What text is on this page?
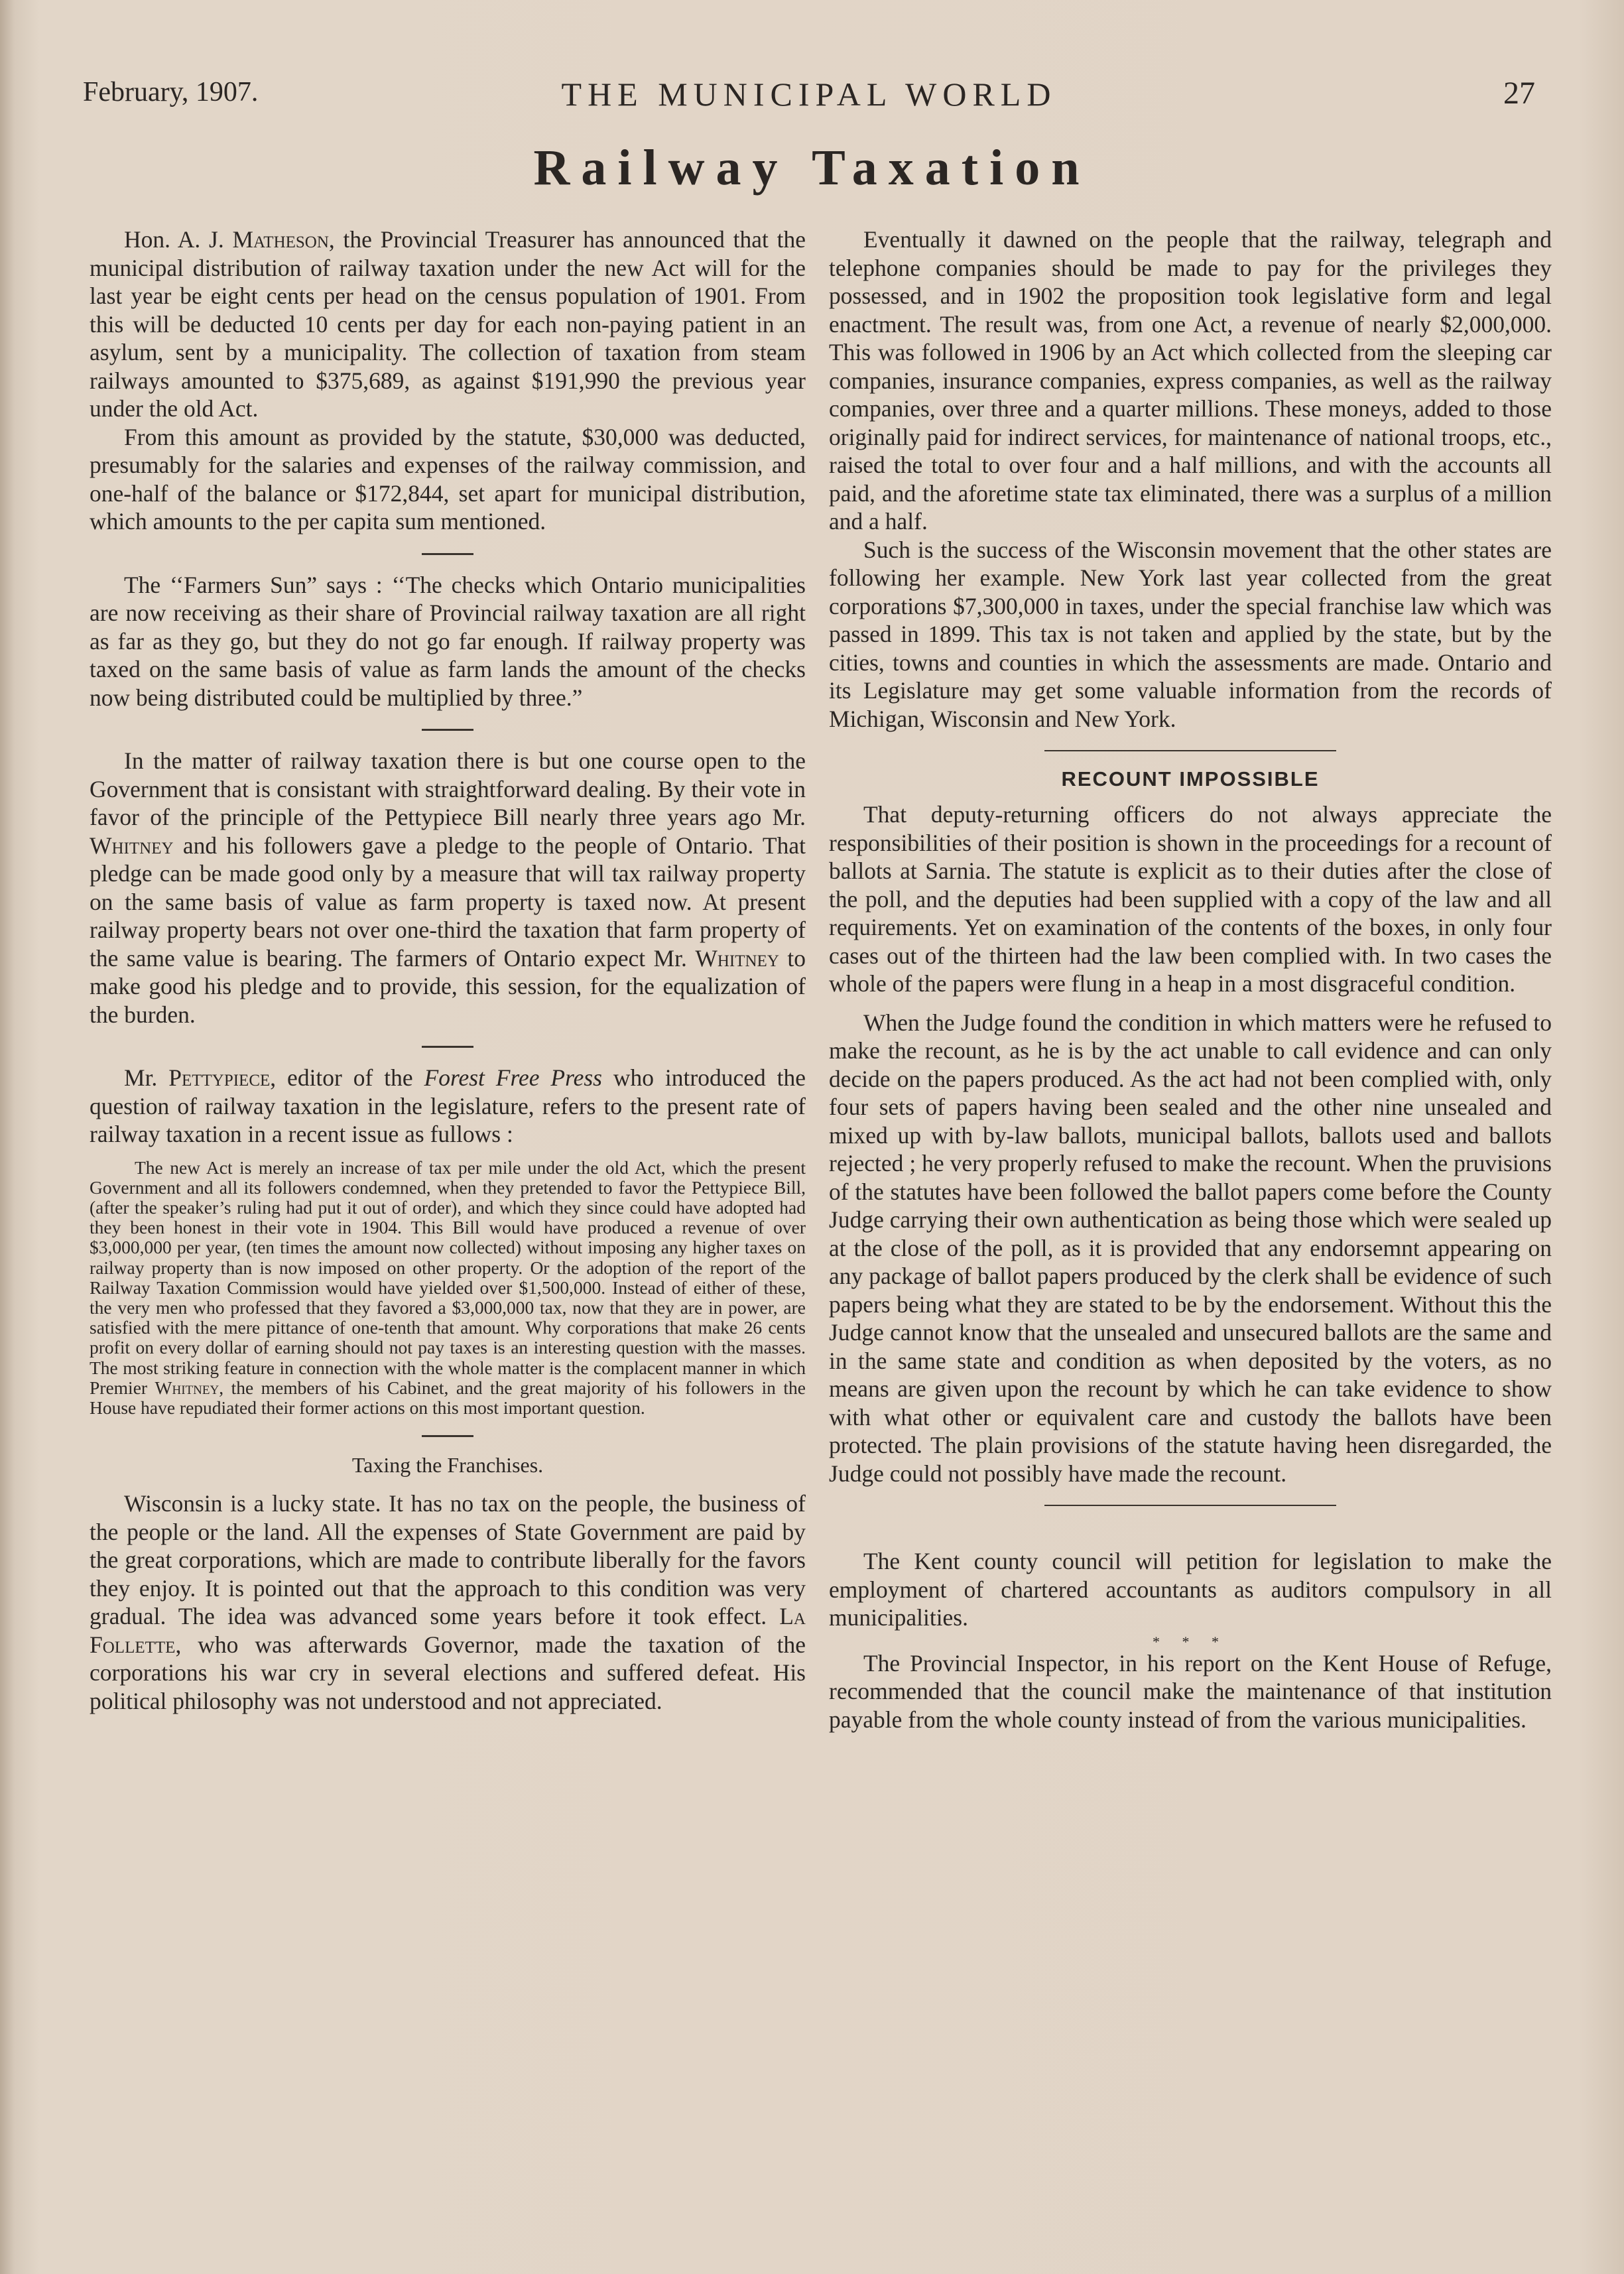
February, 1907.	THE MUNICIPAL WORLD	27
Railway Taxation

Hon. A. J. Matheson, the Provincial Treasurer has announced that the municipal distribution of railway taxation under the new Act will for the last year be eight cents per head on the census population of 1901. From this will be deducted 10 cents per day for each non-paying patient in an asylum, sent by a municipality. The collection of taxation from steam railways amounted to $375,689, as against $191,990 the previous year under the old Act.

From this amount as provided by the statute, $30,000 was deducted, presumably for the salaries and expenses of the railway commission, and one-half of the balance or $172,844, set apart for municipal distribution, which amounts to the per capita sum mentioned.

The ‘‘Farmers Sun” says : ‘‘The checks which Ontario municipalities are now receiving as their share of Provincial railway taxation are all right as far as they go, but they do not go far enough. If railway property was taxed on the same basis of value as farm lands the amount of the checks now being distributed could be multiplied by three.”

In the matter of railway taxation there is but one course open to the Government that is consistant with straightforward dealing. By their vote in favor of the principle of the Pettypiece Bill nearly three years ago Mr. Whitney and his followers gave a pledge to the people of Ontario. That pledge can be made good only by a measure that will tax railway property on the same basis of value as farm property is taxed now. At present railway property bears not over one-third the taxation that farm property of the same value is bearing. The farmers of Ontario expect Mr. Whitney to make good his pledge and to provide, this session, for the equalization of the burden.

Mr. Pettypiece, editor of the Forest Free Press who introduced the question of railway taxation in the legislature, refers to the present rate of railway taxation in a recent issue as fullows :

The new Act is merely an increase of tax per mile under the old Act, which the present Government and all its followers condemned, when they pretended to favor the Pettypiece Bill, (after the speaker’s ruling had put it out of order), and which they since could have adopted had they been honest in their vote in 1904. This Bill would have produced a revenue of over $3,000,000 per year, (ten times the amount now collected) without imposing any higher taxes on railway property than is now imposed on other property. Or the adoption of the report of the Railway Taxation Commission would have yielded over $1,500,000. Instead of either of these, the very men who professed that they favored a $3,000,000 tax, now that they are in power, are satisfied with the mere pittance of one-tenth that amount. Why corporations that make 26 cents profit on every dollar of earning should not pay taxes is an interesting question with the masses. The most striking feature in connection with the whole matter is the complacent manner in which Premier Whitney, the members of his Cabinet, and the great majority of his followers in the House have repudiated their former actions on this most important question.

Taxing the Franchises.

Wisconsin is a lucky state. It has no tax on the people, the business of the people or the land. All the expenses of State Government are paid by the great corporations, which are made to contribute liberally for the favors they enjoy. It is pointed out that the approach to this condition was very gradual. The idea was advanced some years before it took effect. La Follette, who was afterwards Governor, made the taxation of the corporations his war cry in several elections and suffered defeat. His political philosophy was not understood and not appreciated.

Eventually it dawned on the people that the railway, telegraph and telephone companies should be made to pay for the privileges they possessed, and in 1902 the proposition took legislative form and legal enactment. The result was, from one Act, a revenue of nearly $2,000,000. This was followed in 1906 by an Act which collected from the sleeping car companies, insurance companies, express companies, as well as the railway companies, over three and a quarter millions. These moneys, added to those originally paid for indirect services, for maintenance of national troops, etc., raised the total to over four and a half millions, and with the accounts all paid, and the aforetime state tax eliminated, there was a surplus of a million and a half.

Such is the success of the Wisconsin movement that the other states are following her example. New York last year collected from the great corporations $7,300,000 in taxes, under the special franchise law which was passed in 1899. This tax is not taken and applied by the state, but by the cities, towns and counties in which the assessments are made. Ontario and its Legislature may get some valuable information from the records of Michigan, Wisconsin and New York.

RECOUNT IMPOSSIBLE

That deputy-returning officers do not always appreciate the responsibilities of their position is shown in the proceedings for a recount of ballots at Sarnia. The statute is explicit as to their duties after the close of the poll, and the deputies had been supplied with a copy of the law and all requirements. Yet on examination of the contents of the boxes, in only four cases out of the thirteen had the law been complied with. In two cases the whole of the papers were flung in a heap in a most disgraceful condition.

When the Judge found the condition in which matters were he refused to make the recount, as he is by the act unable to call evidence and can only decide on the papers produced. As the act had not been complied with, only four sets of papers having been sealed and the other nine unsealed and mixed up with by-law ballots, municipal ballots, ballots used and ballots rejected ; he very properly refused to make the recount. When the pruvisions of the statutes have been followed the ballot papers come before the County Judge carrying their own authentication as being those which were sealed up at the close of the poll, as it is provided that any endorsemnt appearing on any package of ballot papers produced by the clerk shall be evidence of such papers being what they are stated to be by the endorsement. Without this the Judge cannot know that the unsealed and unsecured ballots are the same and in the same state and condition as when deposited by the voters, as no means are given upon the recount by which he can take evidence to show with what other or equivalent care and custody the ballots have been protected. The plain provisions of the statute having heen disregarded, the Judge could not possibly have made the recount.

The Kent county council will petition for legislation to make the employment of chartered accountants as auditors compulsory in all municipalities.

* * *

The Provincial Inspector, in his report on the Kent House of Refuge, recommended that the council make the maintenance of that institution payable from the whole county instead of from the various municipalities.
